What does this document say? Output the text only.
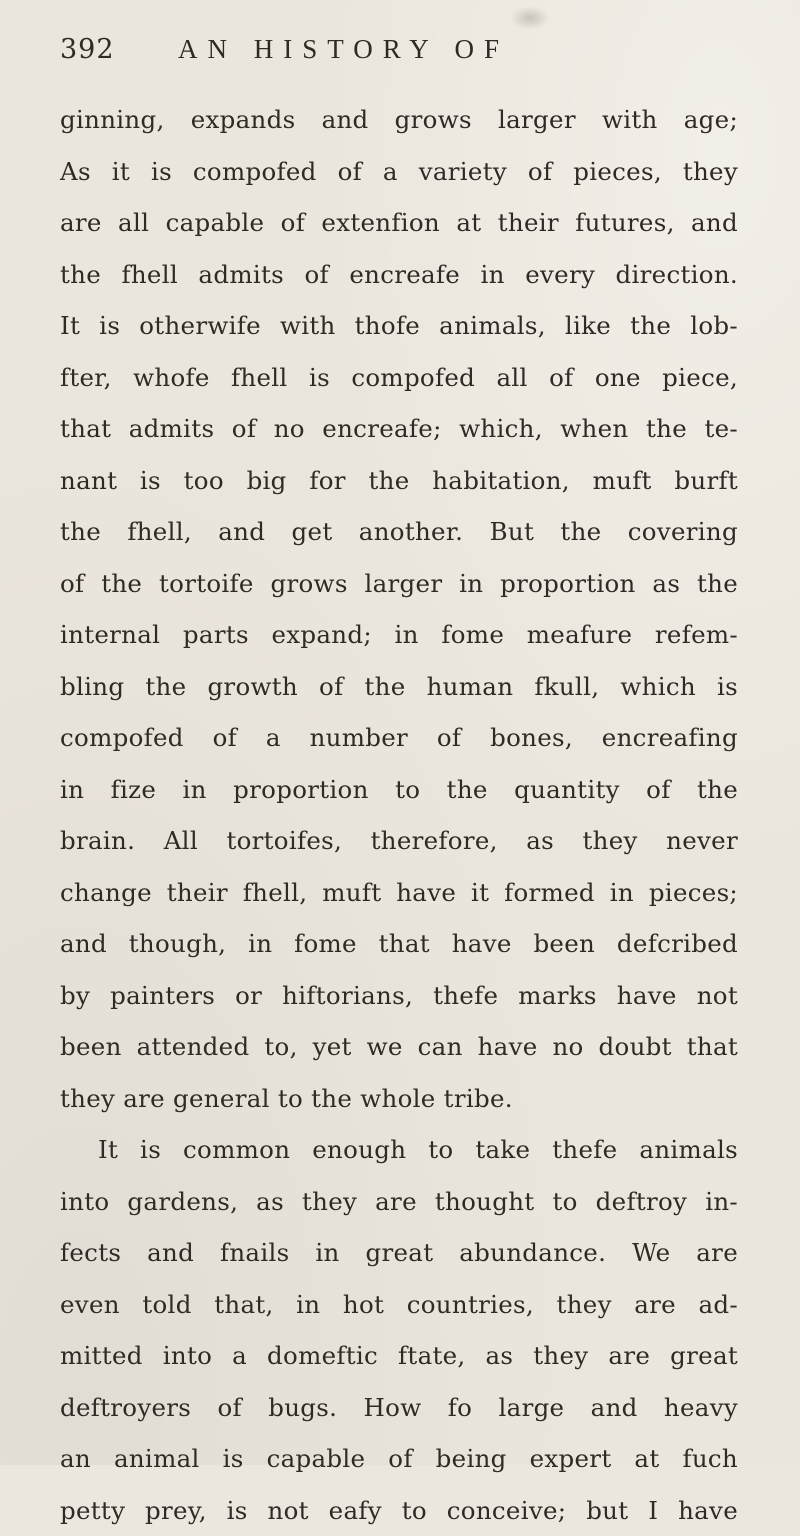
392 AN HISTORY OF
ginning, expands and grows larger with age;
As it is compofed of a variety of pieces, they
are all capable of extenfion at their futures, and
the fhell admits of encreafe in every direction.
It is otherwife with thofe animals, like the lob-
fter, whofe fhell is compofed all of one piece,
that admits of no encreafe; which, when the te-
nant is too big for the habitation, muft burft
the fhell, and get another. But the covering
of the tortoife grows larger in proportion as the
internal parts expand; in fome meafure refem-
bling the growth of the human fkull, which is
compofed of a number of bones, encreafing
in fize in proportion to the quantity of the
brain. All tortoifes, therefore, as they never
change their fhell, muft have it formed in pieces;
and though, in fome that have been defcribed
by painters or hiftorians, thefe marks have not
been attended to, yet we can have no doubt that
they are general to the whole tribe.
It is common enough to take thefe animals
into gardens, as they are thought to deftroy in-
fects and fnails in great abundance. We are
even told that, in hot countries, they are ad-
mitted into a domeftic ftate, as they are great
deftroyers of bugs. How fo large and heavy
an animal is capable of being expert at fuch
petty prey, is not eafy to conceive; but I have
